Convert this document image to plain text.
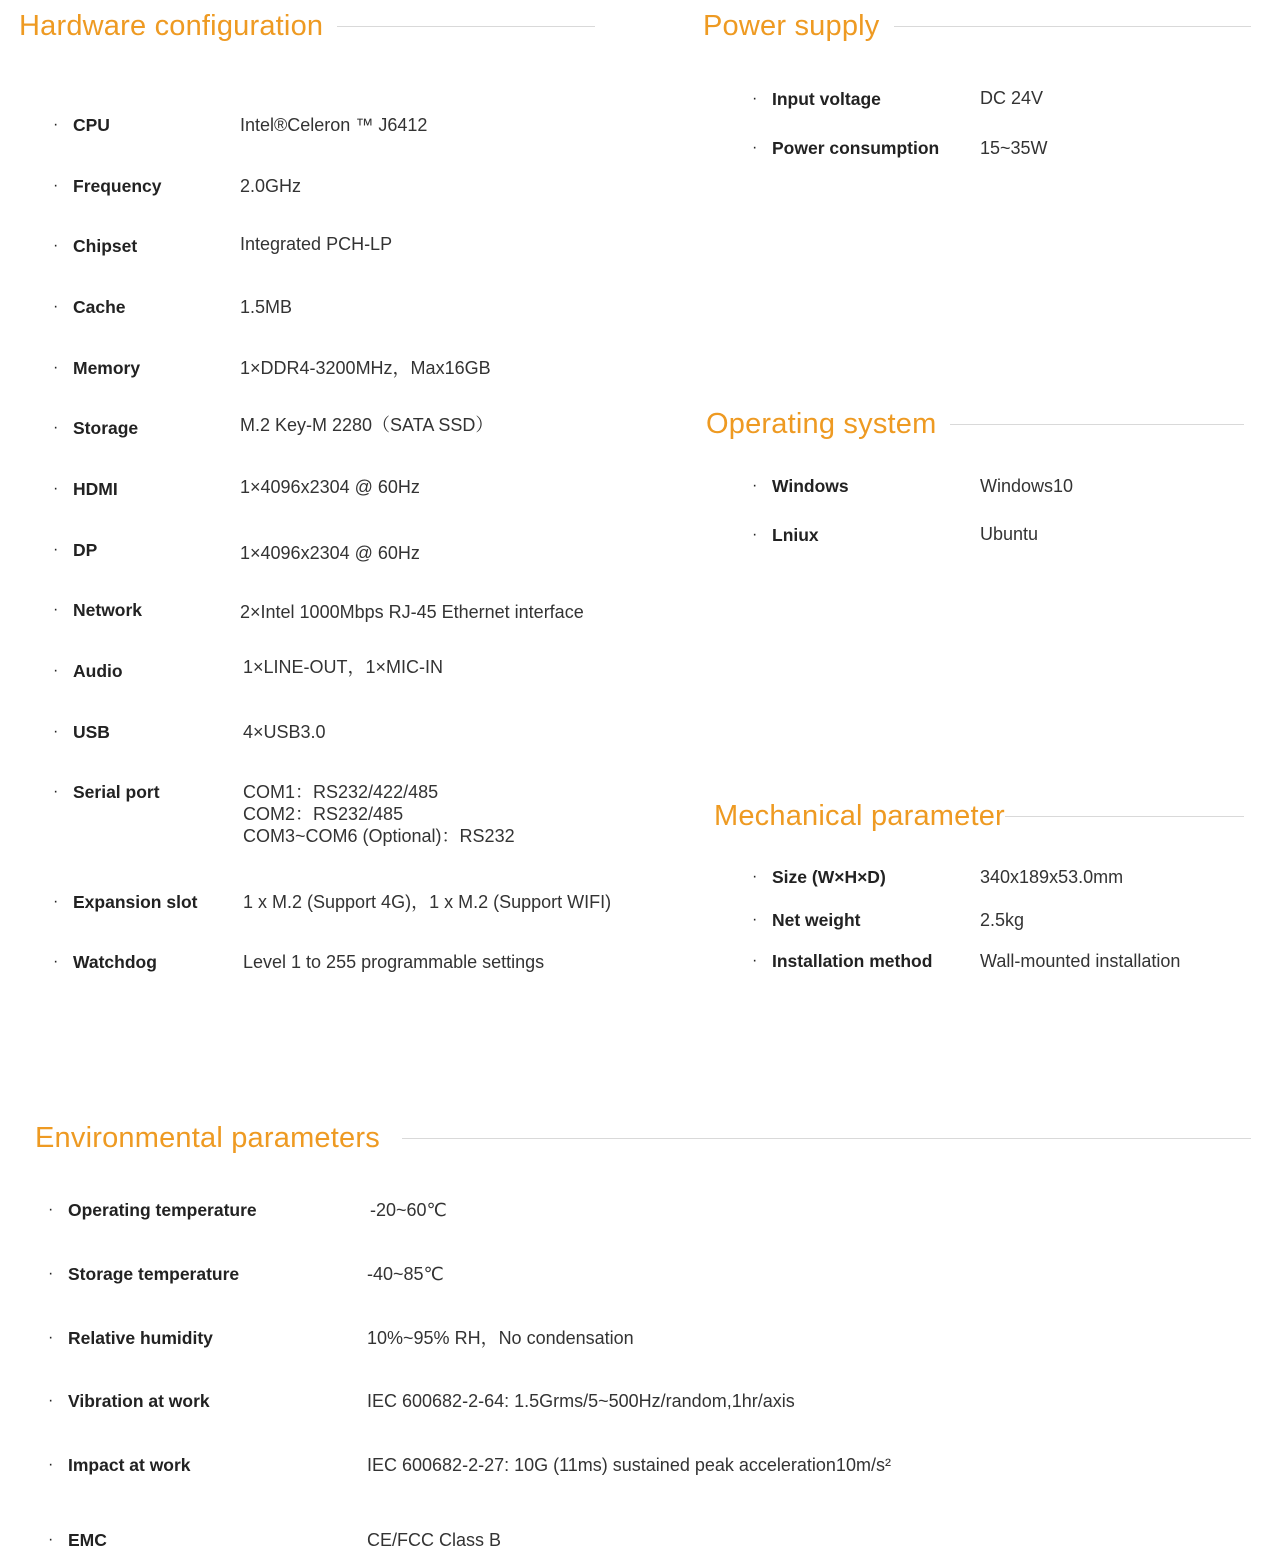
Hardware configuration
· CPU	Intel®Celeron ™ J6412
· Frequency	2.0GHz
· Chipset	Integrated PCH-LP
· Cache	1.5MB
· Memory	1×DDR4-3200MHz，Max16GB
· Storage	M.2 Key-M 2280（SATA SSD）
· HDMI	1×4096x2304 @ 60Hz
· DP	1×4096x2304 @ 60Hz
· Network	2×Intel 1000Mbps RJ-45 Ethernet interface
· Audio	1×LINE-OUT，1×MIC-IN
· USB	4×USB3.0
· Serial port	COM1：RS232/422/485
COM2：RS232/485
COM3~COM6 (Optional)：RS232
· Expansion slot	1 x M.2 (Support 4G)，1 x M.2 (Support WIFI)
· Watchdog	Level 1 to 255 programmable settings
Power supply
· Input voltage	DC 24V
· Power consumption 15~35W
Operating system
· Windows	Windows10
· Lniux	Ubuntu
Mechanical parameter
· Size (W×H×D)	340x189x53.0mm
· Net weight	2.5kg
· Installation method	Wall-mounted installation
Environmental parameters
· Operating temperature	-20~60℃
· Storage temperature	-40~85℃
· Relative humidity	10%~95% RH，No condensation
· Vibration at work	IEC 600682-2-64: 1.5Grms/5~500Hz/random,1hr/axis
· Impact at work	IEC 600682-2-27: 10G (11ms) sustained peak acceleration10m/s²
· EMC	CE/FCC Class B
